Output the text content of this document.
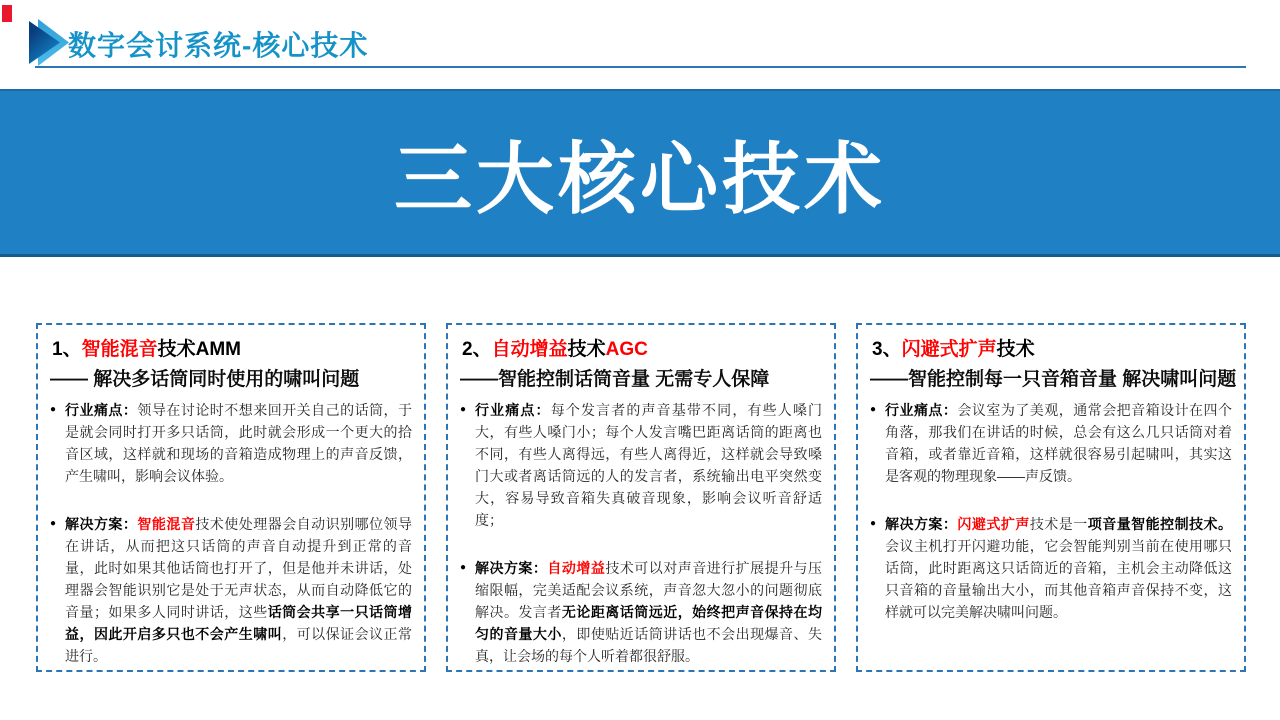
数字会讨系统-核心技术
三大核心技术
1、智能混音技术AMM
—— 解决多话筒同时使用的啸叫问题
● 行业痛点：领导在讨论时不想来回开关自己的话筒，于是就会同时打开多只话筒，此时就会形成一个更大的拾音区域，这样就和现场的音箱造成物理上的声音反馈，产生啸叫，影响会议体验。
● 解决方案：智能混音技术使处理器会自动识别哪位领导在讲话，从而把这只话筒的声音自动提升到正常的音量，此时如果其他话筒也打开了，但是他并未讲话，处理器会智能识别它是处于无声状态，从而自动降低它的音量；如果多人同时讲话，这些话筒会共享一只话筒增益，因此开启多只也不会产生啸叫，可以保证会议正常进行。
2、自动增益技术AGC
——智能控制话筒音量 无需专人保障
● 行业痛点：每个发言者的声音基带不同，有些人嗓门大，有些人嗓门小；每个人发言嘴巴距离话筒的距离也不同，有些人离得远，有些人离得近，这样就会导致嗓门大或者离话筒远的人的发言者，系统输出电平突然变大，容易导致音箱失真破音现象，影响会议听音舒适度；
● 解决方案：自动增益技术可以对声音进行扩展提升与压缩限幅，完美适配会议系统，声音忽大忽小的问题彻底解决。发言者无论距离话筒远近，始终把声音保持在均匀的音量大小，即使贴近话筒讲话也不会出现爆音、失真，让会场的每个人听着都很舒服。
3、闪避式扩声技术
——智能控制每一只音箱音量 解决啸叫问题
● 行业痛点：会议室为了美观，通常会把音箱设计在四个角落，那我们在讲话的时候，总会有这么几只话筒对着音箱，或者靠近音箱，这样就很容易引起啸叫，其实这是客观的物理现象——声反馈。
● 解决方案：闪避式扩声技术是一项音量智能控制技术。会议主机打开闪避功能，它会智能判别当前在使用哪只话筒，此时距离这只话筒近的音箱，主机会主动降低这只音箱的音量输出大小，而其他音箱声音保持不变，这样就可以完美解决啸叫问题。
